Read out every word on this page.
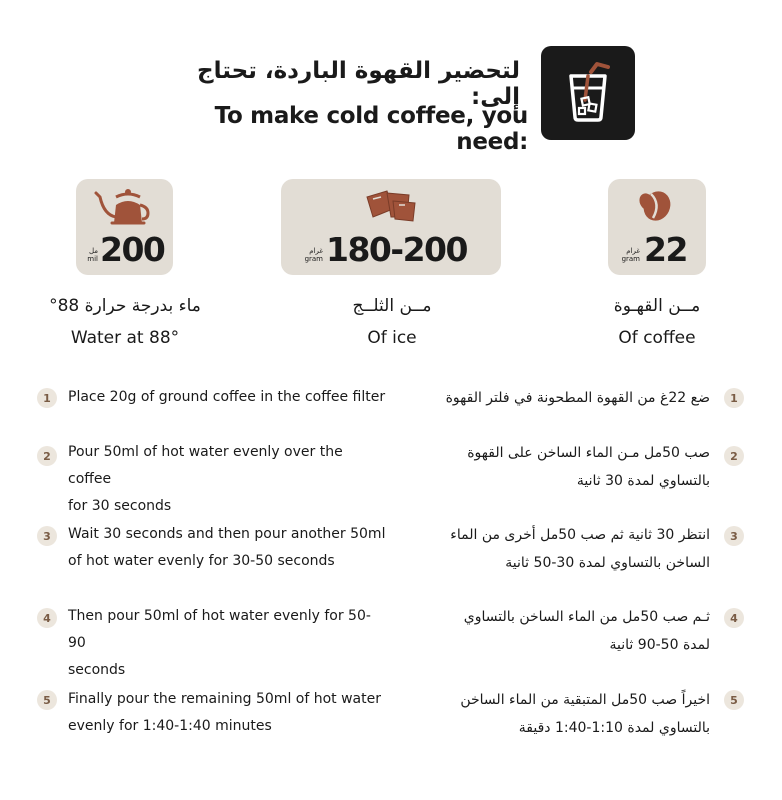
لتحضير القهوة الباردة، تحتاج إلى:
To make cold coffee, you need:
غرام
gram 22
غرام
gram 180-200
مل
mil 200
مــن القهـوة
Of coffee
مــن الثلــج
Of ice
ماء بدرجة حرارة 88°
Water at 88°
1	Place 20g of ground coffee in the coffee filter	ضع 22غ من القهوة المطحونة في فلتر القهوة	1
2	Pour 50ml of hot water evenly over the coffee
for 30 seconds
صب 50مل مـن الماء الساخن على القهوة
بالتساوي لمدة 30 ثانية
2
3	Wait 30 seconds and then pour another 50ml
of hot water evenly for 30-50 seconds
انتظر 30 ثانية ثم صب 50مل أخرى من الماء
الساخن بالتساوي لمدة 30-50 ثانية
3
4	Then pour 50ml of hot water evenly for 50-90
seconds
ثـم صب 50مل من الماء الساخن بالتساوي
لمدة 50-90 ثانية
4
5	Finally pour the remaining 50ml of hot water
evenly for 1:40-1:40 minutes
اخيراً صب 50مل المتبقية من الماء الساخن
بالتساوي لمدة 1:10-1:40 دقيقة
5
